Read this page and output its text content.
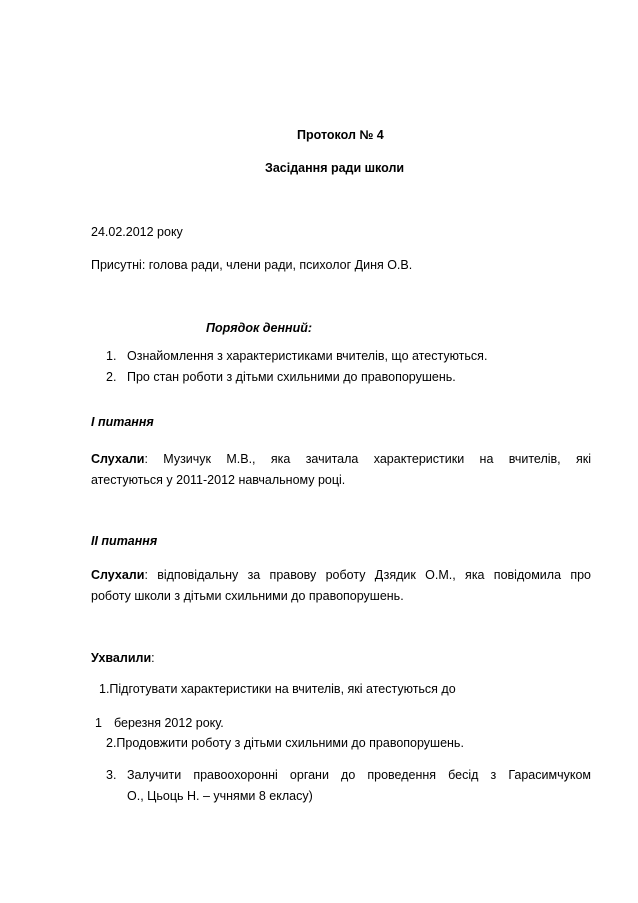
Протокол № 4
Засідання ради школи
24.02.2012 року
Присутні: голова ради, члени ради, психолог Диня О.В.
Порядок денний:
1. Ознайомлення з характеристиками вчителів, що атестуються.
2. Про стан роботи з дітьми схильними до правопорушень.
І питання
Слухали: Музичук М.В., яка зачитала характеристики на вчителів, які
атестуються у 2011-2012 навчальному році.
ІІ питання
Слухали: відповідальну за правову роботу Дзядик О.М., яка повідомила про
роботу школи з дітьми схильними до правопорушень.
Ухвалили:
1.Підготувати характеристики на вчителів, які атестуються до
1 березня 2012 року.
2.Продовжити роботу з дітьми схильними до правопорушень.
3. Залучити правоохоронні органи до проведення бесід з Гарасимчуком
О., Цьоць Н. – учнями 8 екласу)
